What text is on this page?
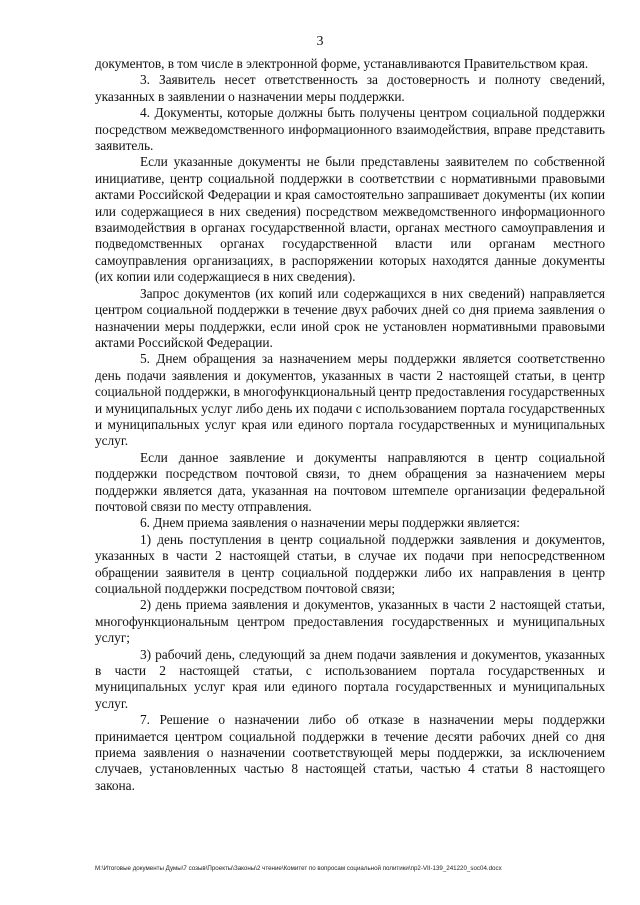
3

документов, в том числе в электронной форме, устанавливаются Правительством края.

3. Заявитель несет ответственность за достоверность и полноту сведений, указанных в заявлении о назначении меры поддержки.

4. Документы, которые должны быть получены центром социальной поддержки посредством межведомственного информационного взаимодействия, вправе представить заявитель.

Если указанные документы не были представлены заявителем по собственной инициативе, центр социальной поддержки в соответствии с нормативными правовыми актами Российской Федерации и края самостоятельно запрашивает документы (их копии или содержащиеся в них сведения) посредством межведомственного информационного взаимодействия в органах государственной власти, органах местного самоуправления и подведомственных органах государственной власти или органам местного самоуправления организациях, в распоряжении которых находятся данные документы (их копии или содержащиеся в них сведения).

Запрос документов (их копий или содержащихся в них сведений) направляется центром социальной поддержки в течение двух рабочих дней со дня приема заявления о назначении меры поддержки, если иной срок не установлен нормативными правовыми актами Российской Федерации.

5. Днем обращения за назначением меры поддержки является соответственно день подачи заявления и документов, указанных в части 2 настоящей статьи, в центр социальной поддержки, в многофункциональный центр предоставления государственных и муниципальных услуг либо день их подачи с использованием портала государственных и муниципальных услуг края или единого портала государственных и муниципальных услуг.

Если данное заявление и документы направляются в центр социальной поддержки посредством почтовой связи, то днем обращения за назначением меры поддержки является дата, указанная на почтовом штемпеле организации федеральной почтовой связи по месту отправления.

6. Днем приема заявления о назначении меры поддержки является:

1) день поступления в центр социальной поддержки заявления и документов, указанных в части 2 настоящей статьи, в случае их подачи при непосредственном обращении заявителя в центр социальной поддержки либо их направления в центр социальной поддержки посредством почтовой связи;

2) день приема заявления и документов, указанных в части 2 настоящей статьи, многофункциональным центром предоставления государственных и муниципальных услуг;

3) рабочий день, следующий за днем подачи заявления и документов, указанных в части 2 настоящей статьи, с использованием портала государственных и муниципальных услуг края или единого портала государственных и муниципальных услуг.

7. Решение о назначении либо об отказе в назначении меры поддержки принимается центром социальной поддержки в течение десяти рабочих дней со дня приема заявления о назначении соответствующей меры поддержки, за исключением случаев, установленных частью 8 настоящей статьи, частью 4 статьи 8 настоящего закона.

M:\Итоговые документы Думы\7 созыв\Проекты\Законы\2 чтение\Комитет по вопросам социальной политики\пр2-VII-139_241220_soc04.docx
